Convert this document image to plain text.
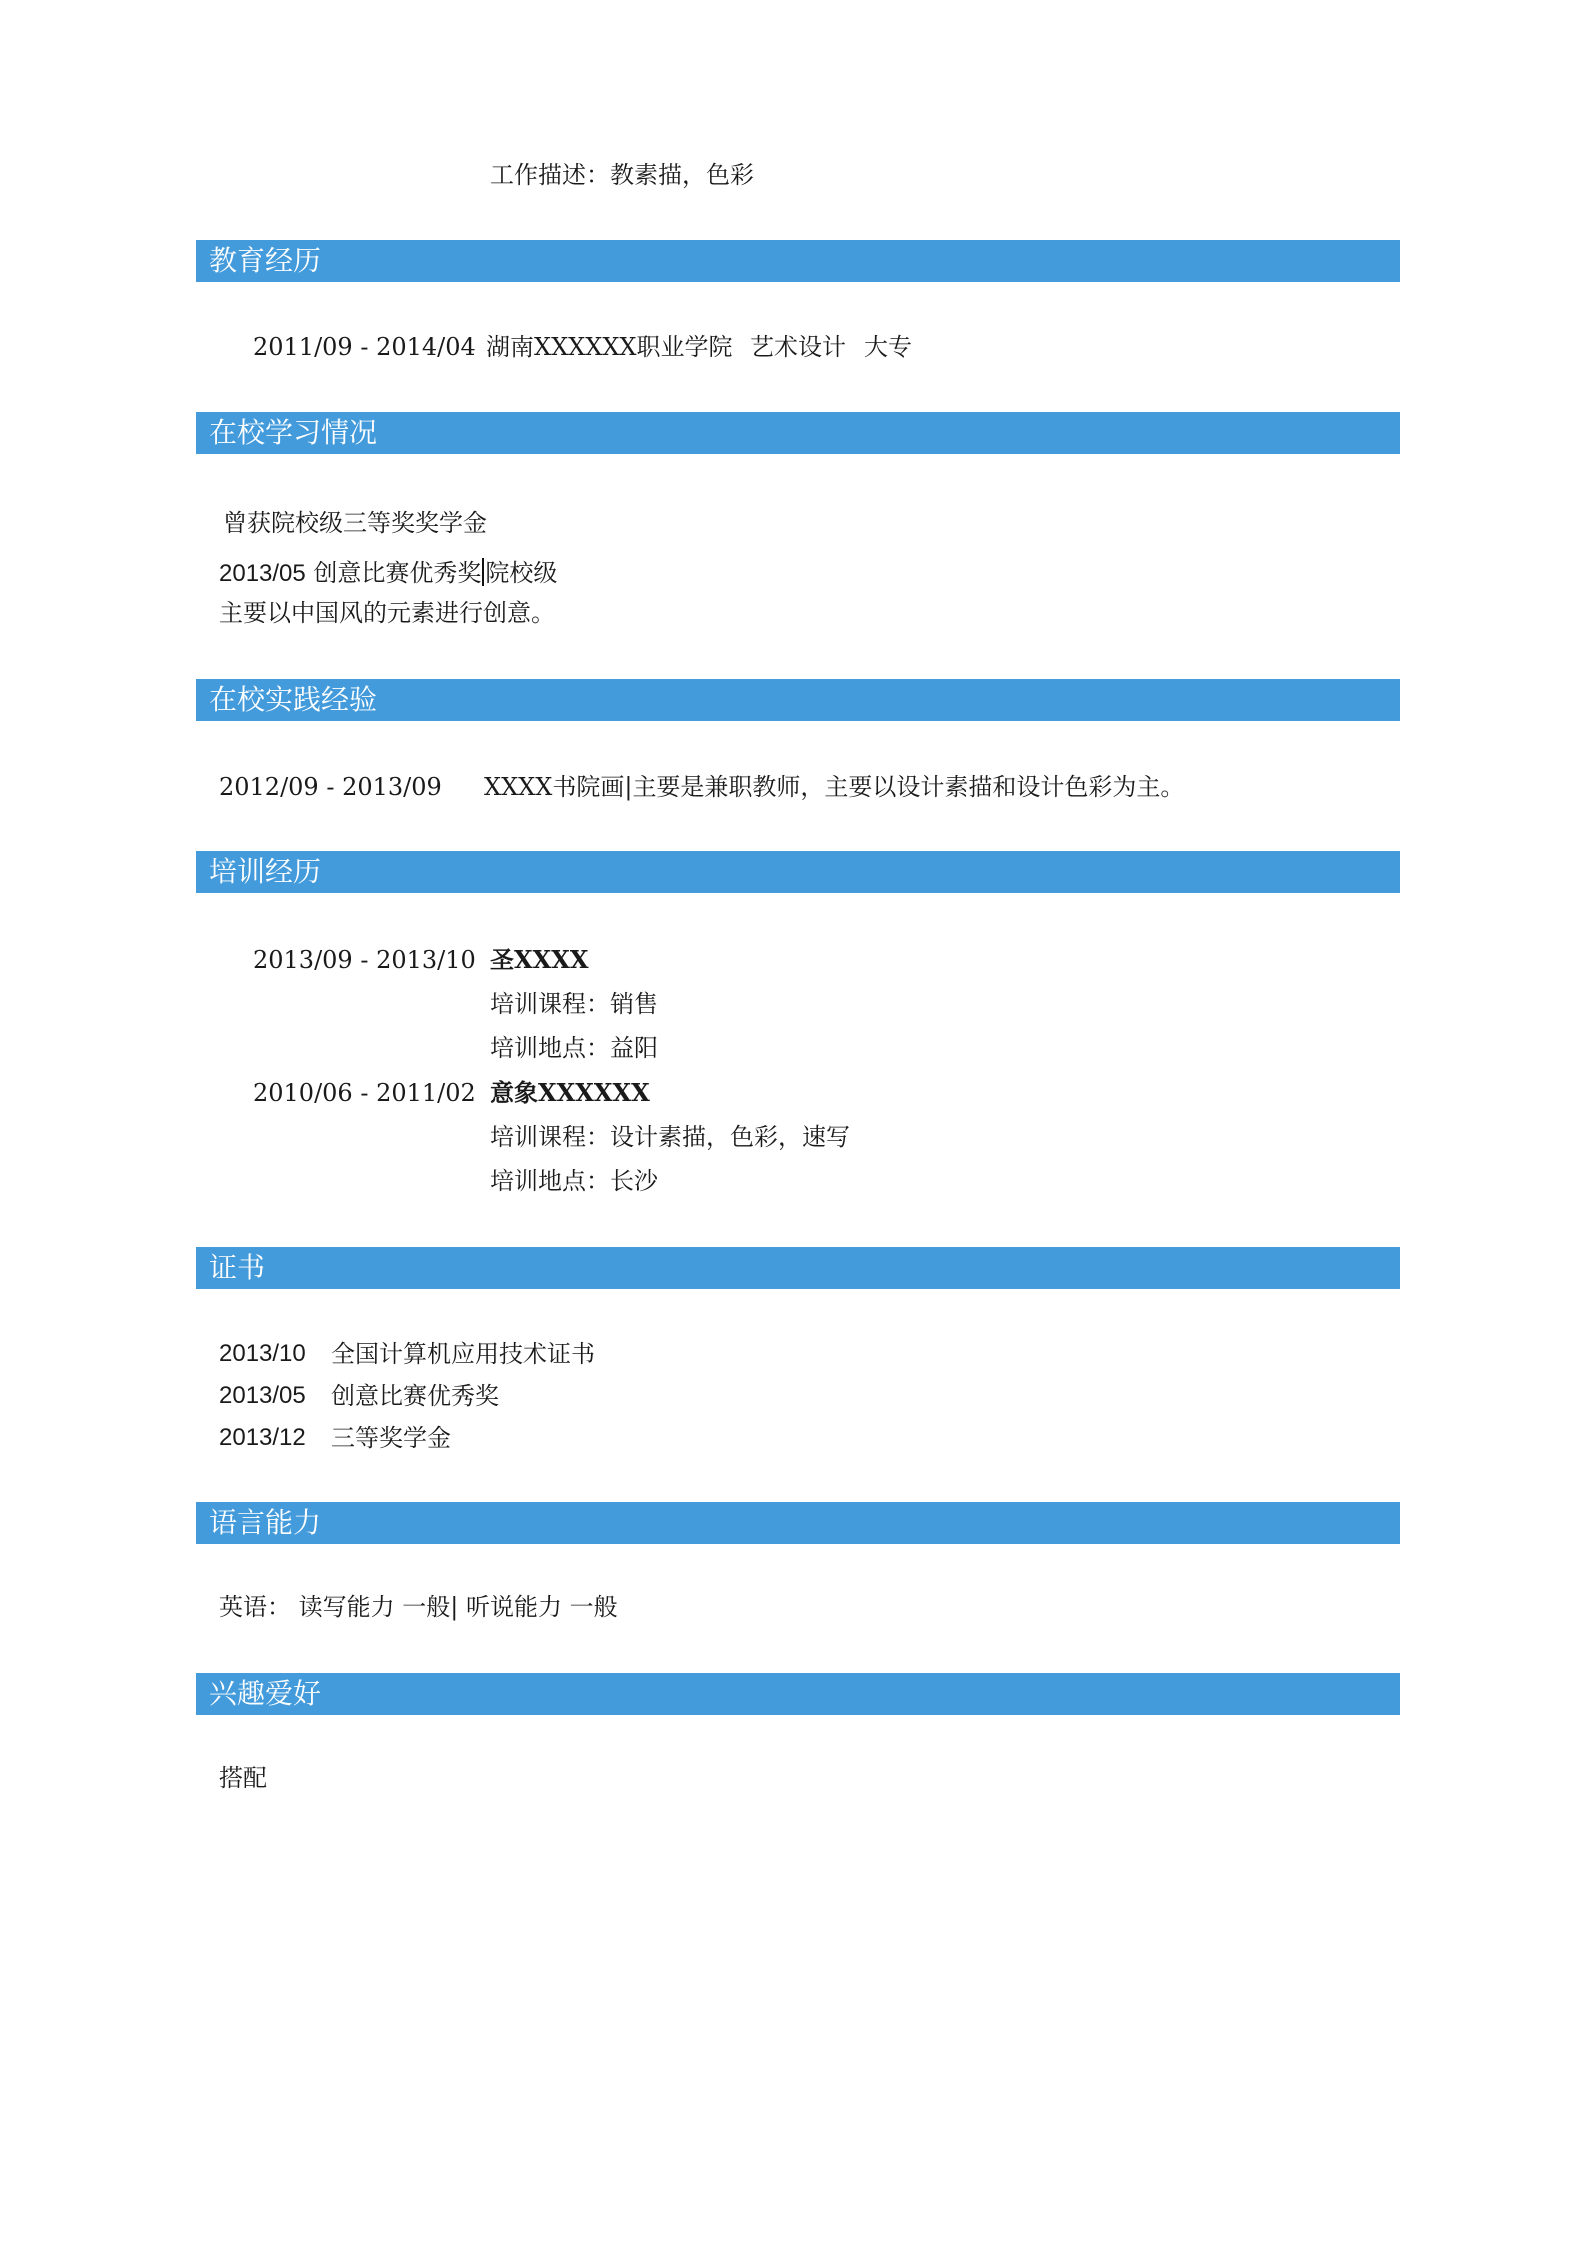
工作描述：教素描，色彩
教育经历
2011/09 - 2014/04 湖南XXXXXX职业学院 艺术设计 大专
在校学习情况
曾获院校级三等奖奖学金
2013/05 创意比赛优秀奖 院校级
主要以中国风的元素进行创意。
在校实践经验
2012/09 - 2013/09 XXXX书院画|主要是兼职教师，主要以设计素描和设计色彩为主。
培训经历
2013/09 - 2013/10 圣XXXX
培训课程：销售
培训地点：益阳
2010/06 - 2011/02 意象XXXXXX
培训课程：设计素描，色彩，速写
培训地点：长沙
证书
2013/10 全国计算机应用技术证书
2013/05 创意比赛优秀奖
2013/12 三等奖学金
语言能力
英语： 读写能力 一般| 听说能力 一般
兴趣爱好
搭配
